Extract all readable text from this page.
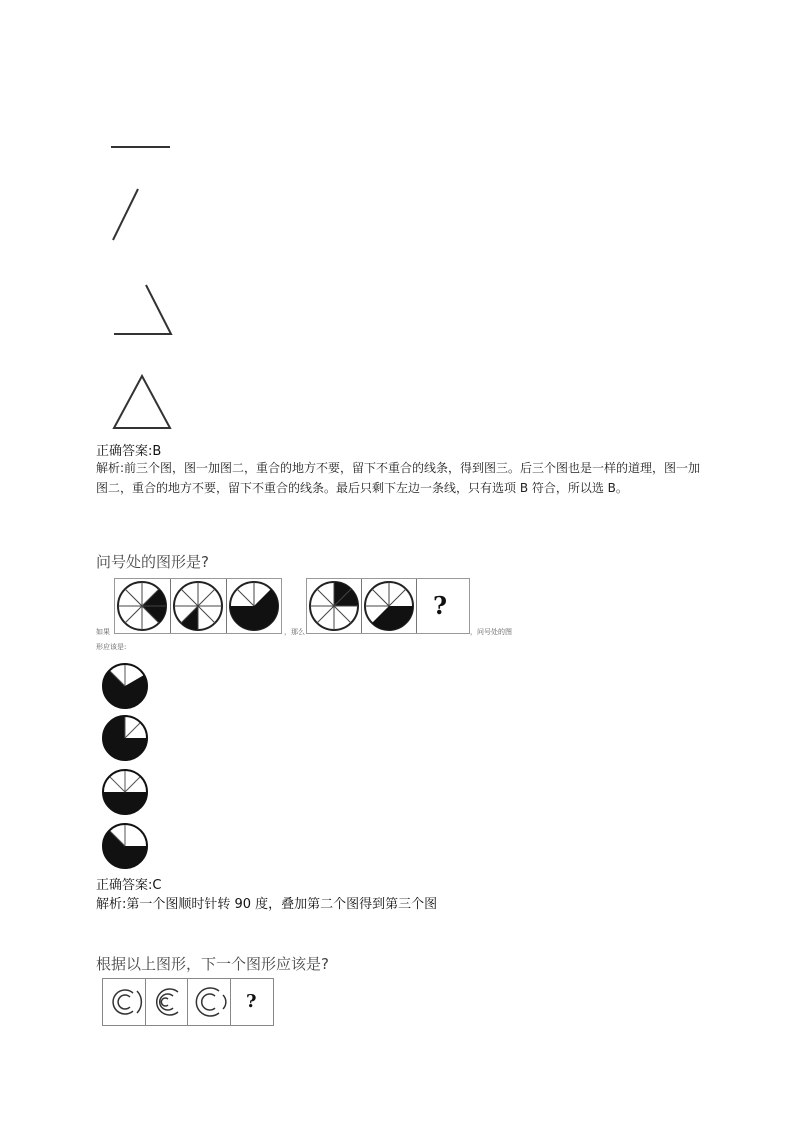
正确答案:B
解析:前三个图，图一加图二，重合的地方不要，留下不重合的线条，得到图三。后三个图也是一样的道理，图一加
图二，重合的地方不要，留下不重合的线条。最后只剩下左边一条线，只有选项 B 符合，所以选 B。
问号处的图形是?
如果	，那么
?
，问号处的图
形应该是:
正确答案:C
解析:第一个图顺时针转 90 度，叠加第二个图得到第三个图
根据以上图形，下一个图形应该是?
?
